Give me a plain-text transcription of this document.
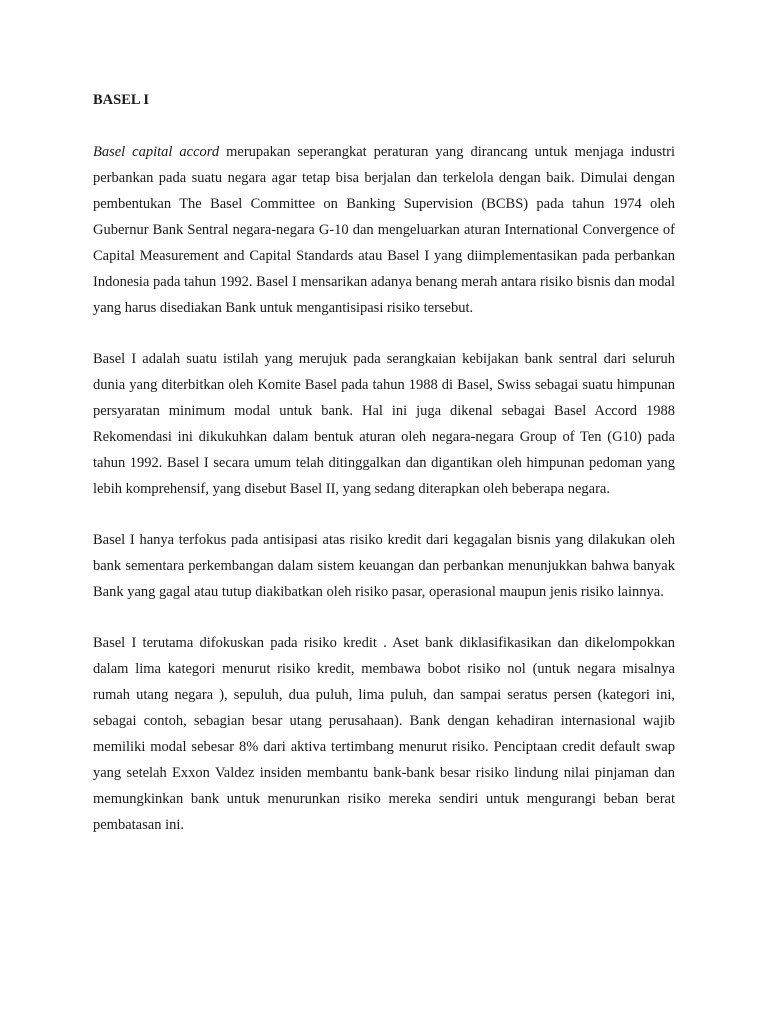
BASEL I

Basel capital accord merupakan seperangkat peraturan yang dirancang untuk menjaga industri perbankan pada suatu negara agar tetap bisa berjalan dan terkelola dengan baik. Dimulai dengan pembentukan The Basel Committee on Banking Supervision (BCBS) pada tahun 1974 oleh Gubernur Bank Sentral negara-negara G-10 dan mengeluarkan aturan International Convergence of Capital Measurement and Capital Standards atau Basel I yang diimplementasikan pada perbankan Indonesia pada tahun 1992. Basel I mensarikan adanya benang merah antara risiko bisnis dan modal yang harus disediakan Bank untuk mengantisipasi risiko tersebut.

Basel I adalah suatu istilah yang merujuk pada serangkaian kebijakan bank sentral dari seluruh dunia yang diterbitkan oleh Komite Basel pada tahun 1988 di Basel, Swiss sebagai suatu himpunan persyaratan minimum modal untuk bank. Hal ini juga dikenal sebagai Basel Accord 1988 Rekomendasi ini dikukuhkan dalam bentuk aturan oleh negara-negara Group of Ten (G10) pada tahun 1992. Basel I secara umum telah ditinggalkan dan digantikan oleh himpunan pedoman yang lebih komprehensif, yang disebut Basel II, yang sedang diterapkan oleh beberapa negara.

Basel I hanya terfokus pada antisipasi atas risiko kredit dari kegagalan bisnis yang dilakukan oleh bank sementara perkembangan dalam sistem keuangan dan perbankan menunjukkan bahwa banyak Bank yang gagal atau tutup diakibatkan oleh risiko pasar, operasional maupun jenis risiko lainnya.

Basel I terutama difokuskan pada risiko kredit . Aset bank diklasifikasikan dan dikelompokkan dalam lima kategori menurut risiko kredit, membawa bobot risiko nol (untuk negara misalnya rumah utang negara ), sepuluh, dua puluh, lima puluh, dan sampai seratus persen (kategori ini, sebagai contoh, sebagian besar utang perusahaan). Bank dengan kehadiran internasional wajib memiliki modal sebesar 8% dari aktiva tertimbang menurut risiko. Penciptaan credit default swap yang setelah Exxon Valdez insiden membantu bank-bank besar risiko lindung nilai pinjaman dan memungkinkan bank untuk menurunkan risiko mereka sendiri untuk mengurangi beban berat pembatasan ini.
